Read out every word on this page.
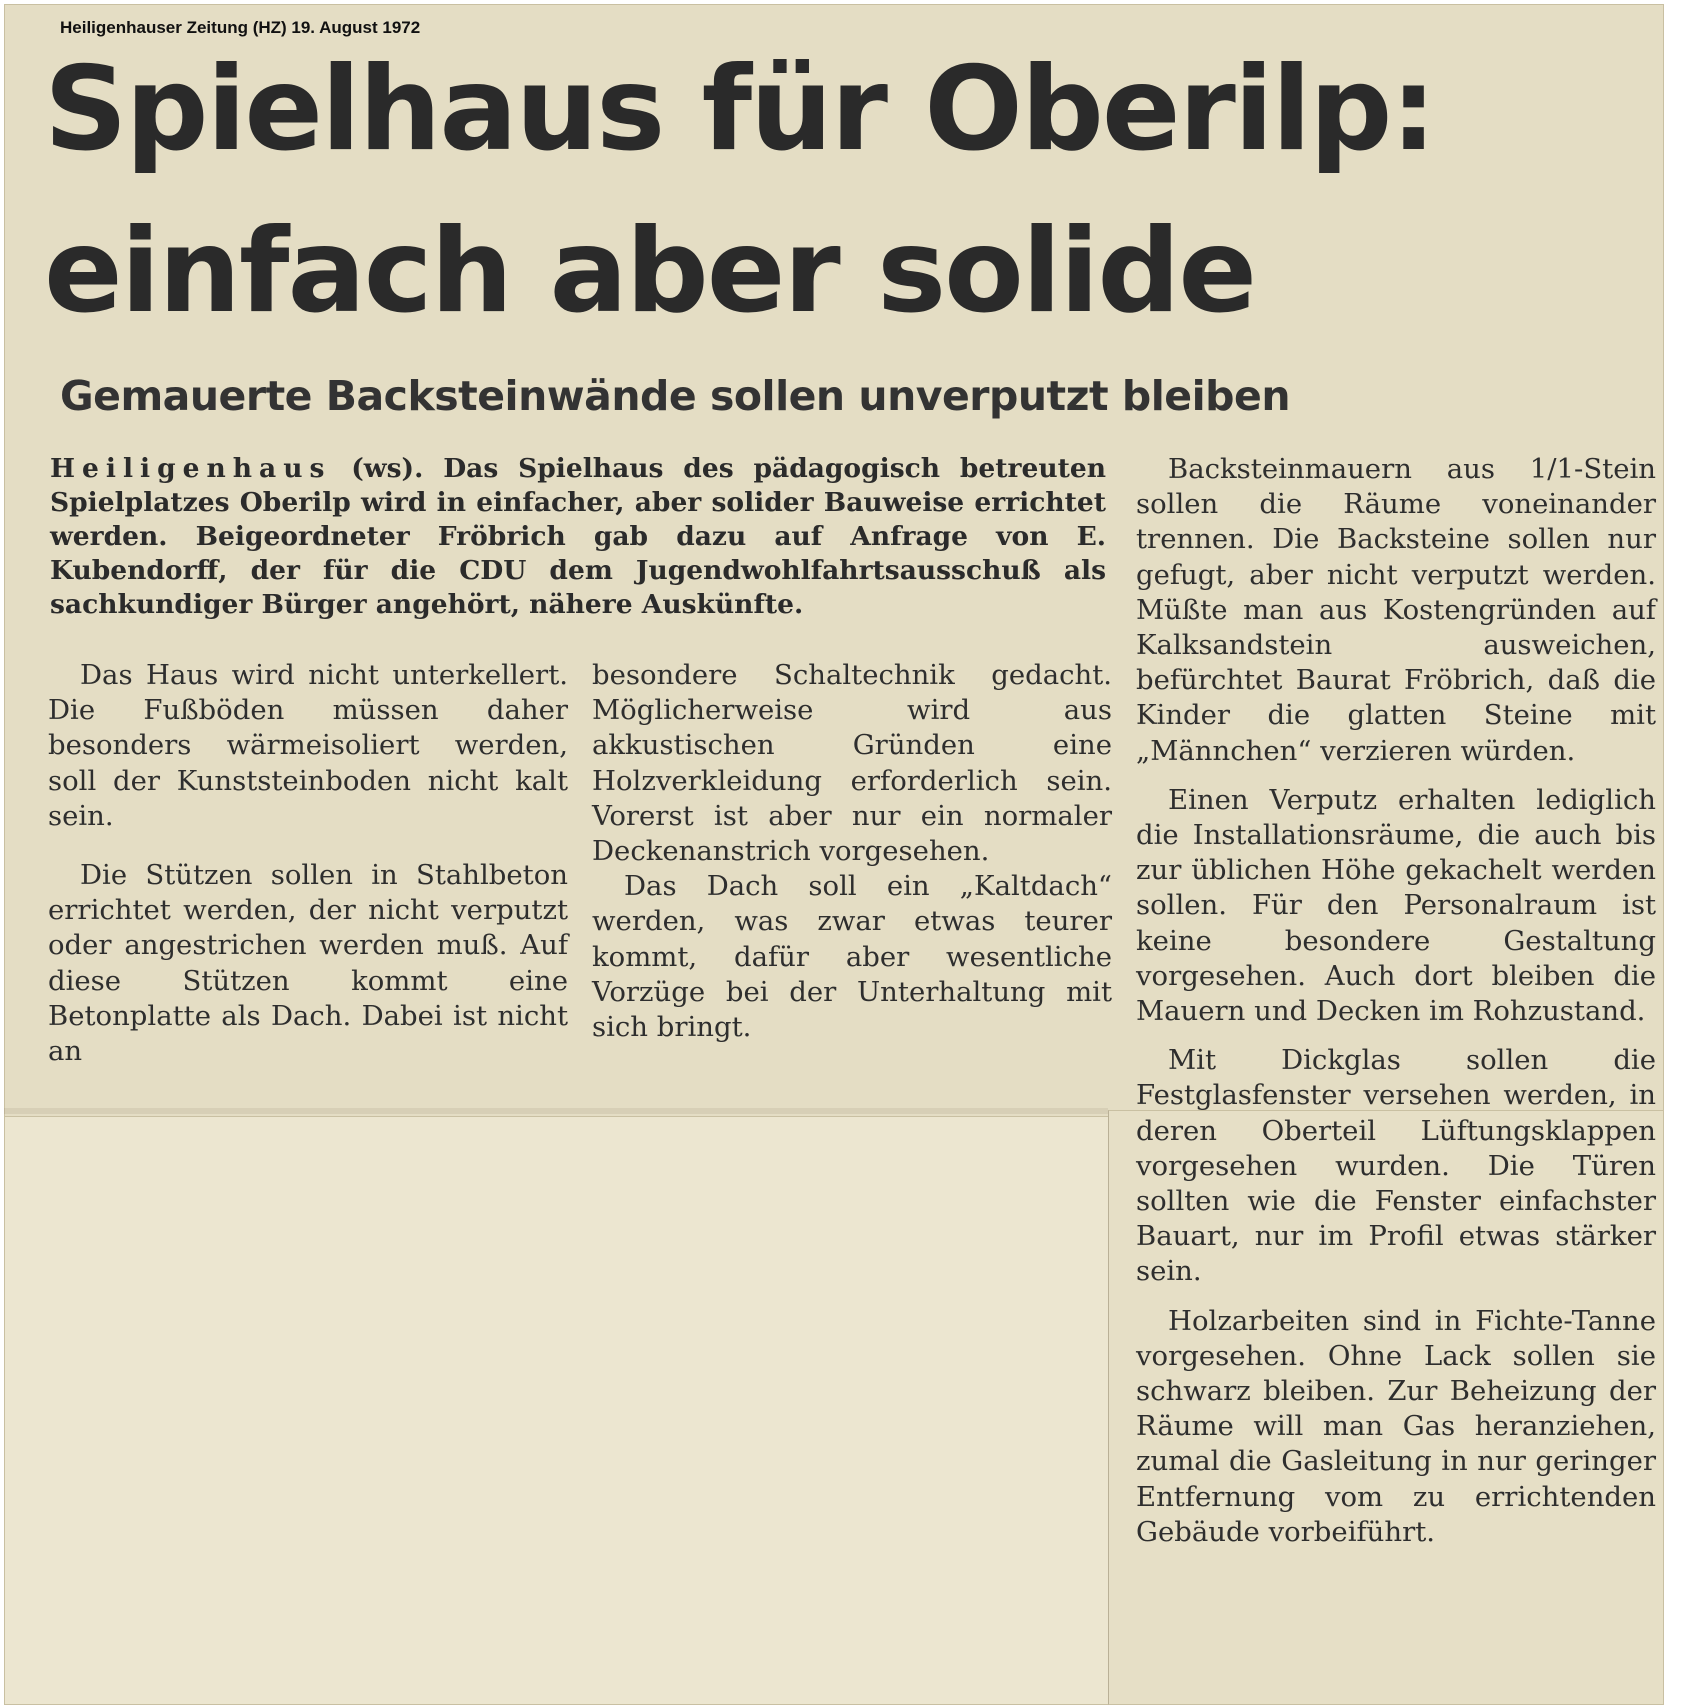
Heiligenhauser Zeitung (HZ) 19. August 1972
Spielhaus für Oberilp:
einfach aber solide
Gemauerte Backsteinwände sollen unverputzt bleiben

Heiligenhaus (ws). Das Spielhaus des pädagogisch betreuten Spielplatzes Oberilp wird in einfacher, aber solider Bauweise errichtet werden. Beigeordneter Fröbrich gab dazu auf Anfrage von E. Kubendorff, der für die CDU dem Jugendwohlfahrtsausschuß als sachkundiger Bürger angehört, nähere Auskünfte.

Das Haus wird nicht unterkellert. Die Fußböden müssen daher besonders wärmeisoliert werden, soll der Kunststeinboden nicht kalt sein.

Die Stützen sollen in Stahlbeton errichtet werden, der nicht verputzt oder angestrichen werden muß. Auf diese Stützen kommt eine Betonplatte als Dach. Dabei ist nicht an

besondere Schaltechnik gedacht. Möglicherweise wird aus akkustischen Gründen eine Holzverkleidung erforderlich sein. Vorerst ist aber nur ein normaler Deckenanstrich vorgesehen.

Das Dach soll ein „Kaltdach“ werden, was zwar etwas teurer kommt, dafür aber wesentliche Vorzüge bei der Unterhaltung mit sich bringt.

Backsteinmauern aus 1/1-Stein sollen die Räume voneinander trennen. Die Backsteine sollen nur gefugt, aber nicht verputzt werden. Müßte man aus Kostengründen auf Kalksandstein ausweichen, befürchtet Baurat Fröbrich, daß die Kinder die glatten Steine mit „Männchen“ verzieren würden.

Einen Verputz erhalten lediglich die Installationsräume, die auch bis zur üblichen Höhe gekachelt werden sollen. Für den Personalraum ist keine besondere Gestaltung vorgesehen. Auch dort bleiben die Mauern und Decken im Rohzustand.

Mit Dickglas sollen die Festglasfenster versehen werden, in deren Oberteil Lüftungsklappen vorgesehen wurden. Die Türen sollten wie die Fenster einfachster Bauart, nur im Profil etwas stärker sein.

Holzarbeiten sind in Fichte-Tanne vorgesehen. Ohne Lack sollen sie schwarz bleiben. Zur Beheizung der Räume will man Gas heranziehen, zumal die Gasleitung in nur geringer Entfernung vom zu errichtenden Gebäude vorbeiführt.
